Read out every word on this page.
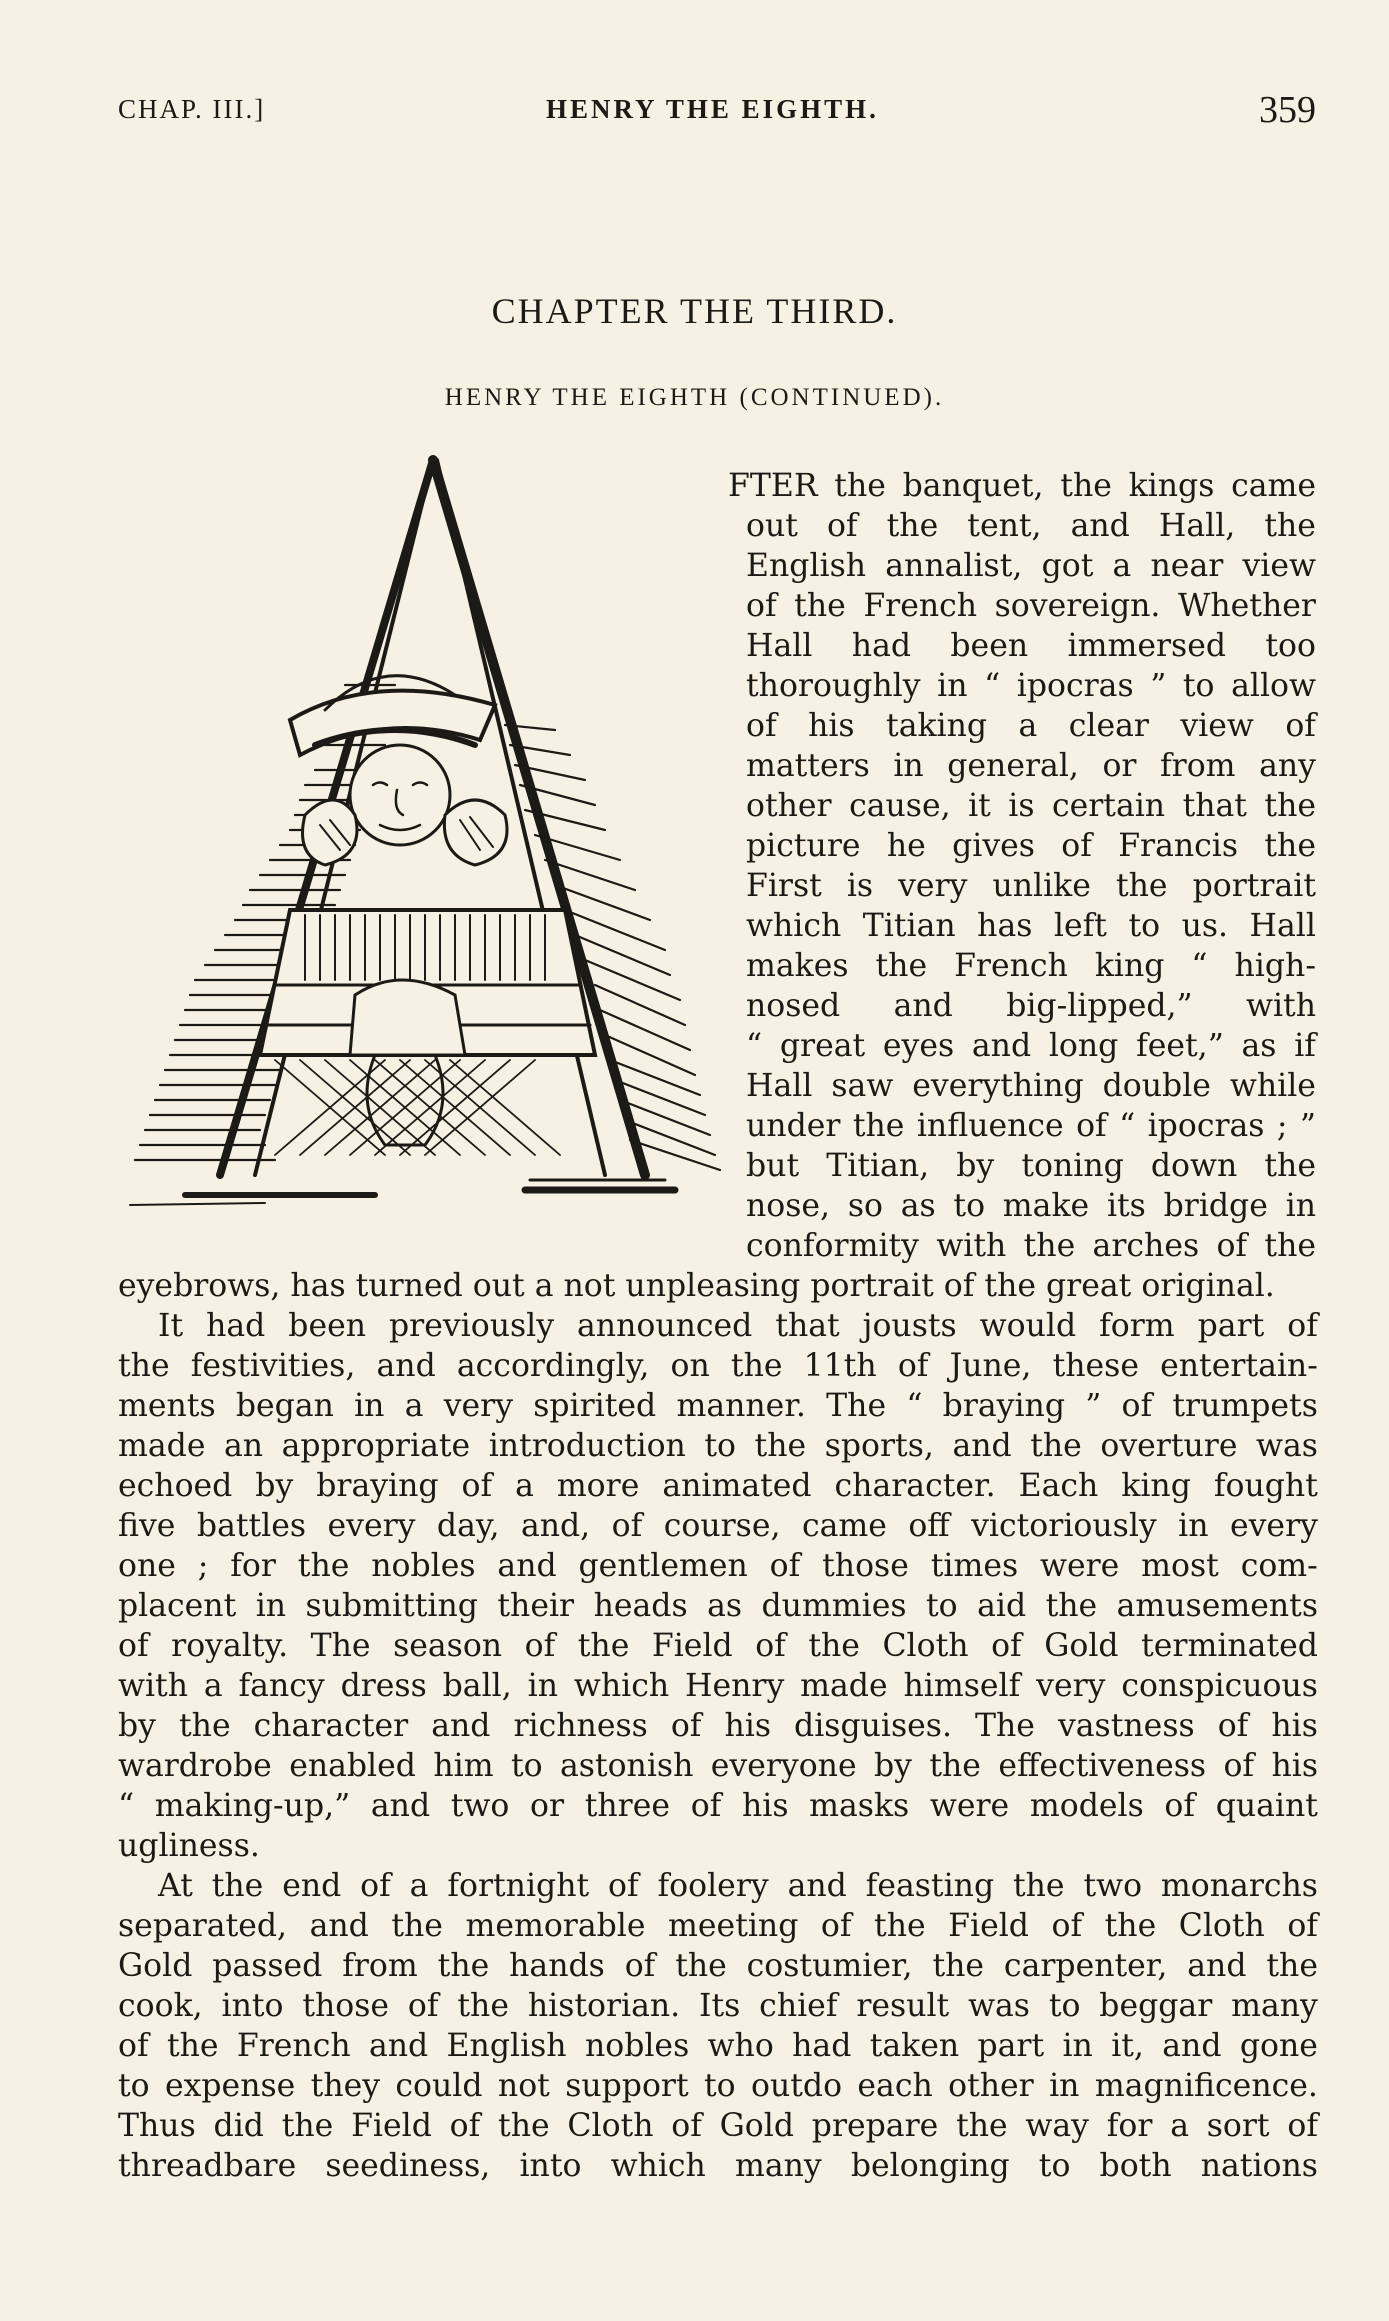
CHAP. III.]	HENRY THE EIGHTH.	359
CHAPTER THE THIRD.
HENRY THE EIGHTH (CONTINUED).
FTER the banquet, the kings came
out of the tent, and Hall, the
English annalist, got a near view
of the French sovereign. Whether
Hall had been immersed too
thoroughly in “ ipocras ” to allow
of his taking a clear view of
matters in general, or from any
other cause, it is certain that the
picture he gives of Francis the
First is very unlike the portrait
which Titian has left to us. Hall
makes the French king “ high-
nosed and big-lipped,” with
“ great eyes and long feet,” as if
Hall saw everything double while
under the influence of “ ipocras ; ”
but Titian, by toning down the
nose, so as to make its bridge in
conformity with the arches of the
eyebrows, has turned out a not unpleasing portrait of the great original.
It had been previously announced that jousts would form part of
the festivities, and accordingly, on the 11th of June, these entertain-
ments began in a very spirited manner. The “ braying ” of trumpets
made an appropriate introduction to the sports, and the overture was
echoed by braying of a more animated character. Each king fought
five battles every day, and, of course, came off victoriously in every
one ; for the nobles and gentlemen of those times were most com-
placent in submitting their heads as dummies to aid the amusements
of royalty. The season of the Field of the Cloth of Gold terminated
with a fancy dress ball, in which Henry made himself very conspicuous
by the character and richness of his disguises. The vastness of his
wardrobe enabled him to astonish everyone by the effectiveness of his
“ making-up,” and two or three of his masks were models of quaint
ugliness.
At the end of a fortnight of foolery and feasting the two monarchs
separated, and the memorable meeting of the Field of the Cloth of
Gold passed from the hands of the costumier, the carpenter, and the
cook, into those of the historian. Its chief result was to beggar many
of the French and English nobles who had taken part in it, and gone
to expense they could not support to outdo each other in magnificence.
Thus did the Field of the Cloth of Gold prepare the way for a sort of
threadbare seediness, into which many belonging to both nations
